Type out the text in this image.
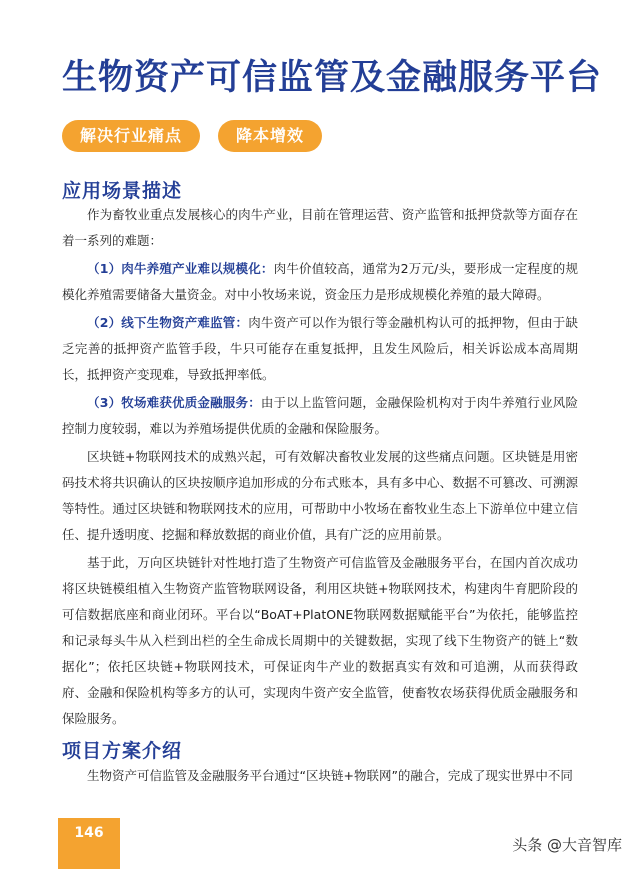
生物资产可信监管及金融服务平台
解决行业痛点	降本增效
应用场景描述

作为畜牧业重点发展核心的肉牛产业，目前在管理运营、资产监管和抵押贷款等方面存在着一系列的难题：

（1）肉牛养殖产业难以规模化：肉牛价值较高，通常为2万元/头，要形成一定程度的规模化养殖需要储备大量资金。对中小牧场来说，资金压力是形成规模化养殖的最大障碍。

（2）线下生物资产难监管：肉牛资产可以作为银行等金融机构认可的抵押物，但由于缺乏完善的抵押资产监管手段，牛只可能存在重复抵押，且发生风险后，相关诉讼成本高周期长，抵押资产变现难，导致抵押率低。

（3）牧场难获优质金融服务：由于以上监管问题，金融保险机构对于肉牛养殖行业风险控制力度较弱，难以为养殖场提供优质的金融和保险服务。

区块链+物联网技术的成熟兴起，可有效解决畜牧业发展的这些痛点问题。区块链是用密码技术将共识确认的区块按顺序追加形成的分布式账本，具有多中心、数据不可篡改、可溯源等特性。通过区块链和物联网技术的应用，可帮助中小牧场在畜牧业生态上下游单位中建立信任、提升透明度、挖掘和释放数据的商业价值，具有广泛的应用前景。

基于此，万向区块链针对性地打造了生物资产可信监管及金融服务平台，在国内首次成功将区块链模组植入生物资产监管物联网设备，利用区块链+物联网技术，构建肉牛育肥阶段的可信数据底座和商业闭环。平台以“BoAT+PlatONE物联网数据赋能平台”为依托，能够监控和记录每头牛从入栏到出栏的全生命成长周期中的关键数据，实现了线下生物资产的链上“数据化”；依托区块链+物联网技术，可保证肉牛产业的数据真实有效和可追溯，从而获得政府、金融和保险机构等多方的认可，实现肉牛资产安全监管，使畜牧农场获得优质金融服务和保险服务。

项目方案介绍

生物资产可信监管及金融服务平台通过“区块链+物联网”的融合，完成了现实世界中不同

146
头条 @大音智库
